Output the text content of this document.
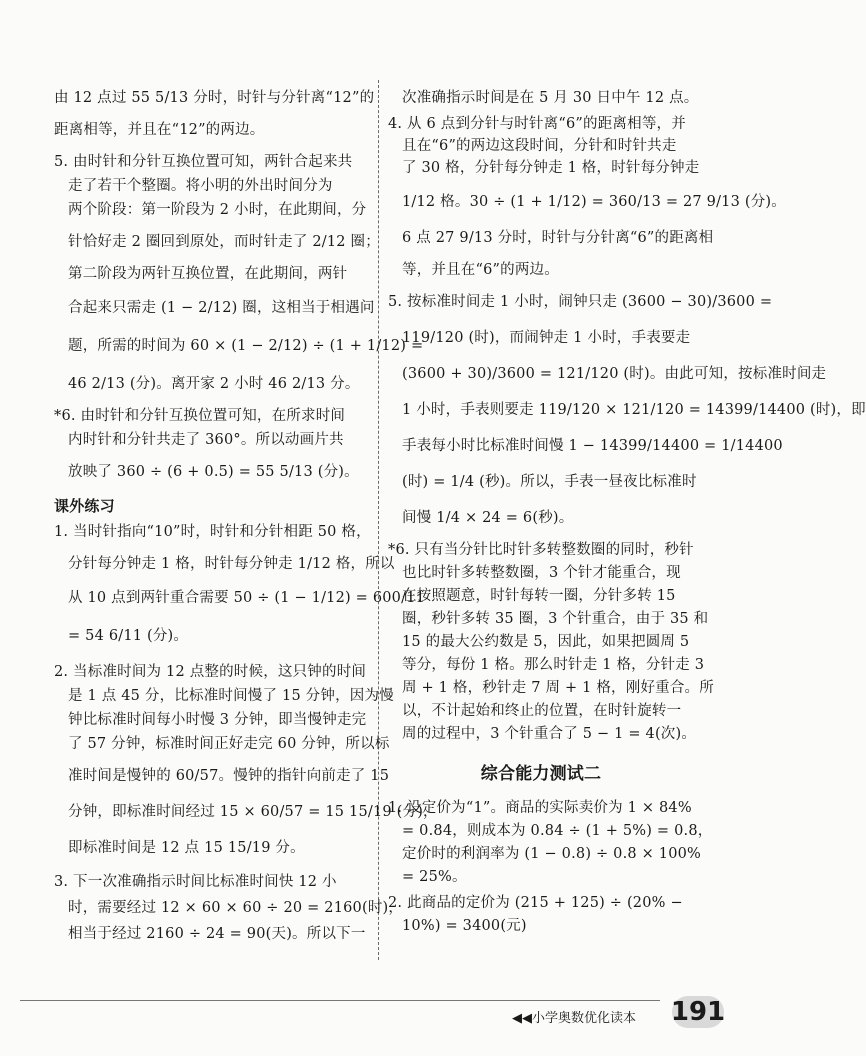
由 12 点过 55 5/13 分时，时针与分针离“12”的
距离相等，并且在“12”的两边。
5. 由时针和分针互换位置可知，两针合起来共
走了若干个整圈。将小明的外出时间分为
两个阶段：第一阶段为 2 小时，在此期间，分
针恰好走 2 圈回到原处，而时针走了 2/12 圈；
第二阶段为两针互换位置，在此期间，两针
合起来只需走 (1 − 2/12) 圈，这相当于相遇问
题，所需的时间为 60 × (1 − 2/12) ÷ (1 + 1/12) =
46 2/13 (分)。离开家 2 小时 46 2/13 分。
*6. 由时针和分针互换位置可知，在所求时间
内时针和分针共走了 360°。所以动画片共
放映了 360 ÷ (6 + 0.5) = 55 5/13 (分)。
课外练习
1. 当时针指向“10”时，时针和分针相距 50 格，
分针每分钟走 1 格，时针每分钟走 1/12 格，所以
从 10 点到两针重合需要 50 ÷ (1 − 1/12) = 600/11
= 54 6/11 (分)。
2. 当标准时间为 12 点整的时候，这只钟的时间
是 1 点 45 分，比标准时间慢了 15 分钟，因为慢
钟比标准时间每小时慢 3 分钟，即当慢钟走完
了 57 分钟，标准时间正好走完 60 分钟，所以标
准时间是慢钟的 60/57。慢钟的指针向前走了 15
分钟，即标准时间经过 15 × 60/57 = 15 15/19 (分)，
即标准时间是 12 点 15 15/19 分。
3. 下一次准确指示时间比标准时间快 12 小
时，需要经过 12 × 60 × 60 ÷ 20 = 2160(时)，
相当于经过 2160 ÷ 24 = 90(天)。所以下一
次准确指示时间是在 5 月 30 日中午 12 点。
4. 从 6 点到分针与时针离“6”的距离相等，并
且在“6”的两边这段时间，分针和时针共走
了 30 格，分针每分钟走 1 格，时针每分钟走
1/12 格。30 ÷ (1 + 1/12) = 360/13 = 27 9/13 (分)。
6 点 27 9/13 分时，时针与分针离“6”的距离相
等，并且在“6”的两边。
5. 按标准时间走 1 小时，闹钟只走 (3600 − 30)/3600 =
119/120 (时)，而闹钟走 1 小时，手表要走
(3600 + 30)/3600 = 121/120 (时)。由此可知，按标准时间走
1 小时，手表则要走 119/120 × 121/120 = 14399/14400 (时)，即
手表每小时比标准时间慢 1 − 14399/14400 = 1/14400
(时) = 1/4 (秒)。所以，手表一昼夜比标准时
间慢 1/4 × 24 = 6(秒)。
*6. 只有当分针比时针多转整数圈的同时，秒针
也比时针多转整数圈，3 个针才能重合，现
在按照题意，时针每转一圈，分针多转 15
圈，秒针多转 35 圈，3 个针重合，由于 35 和
15 的最大公约数是 5，因此，如果把圆周 5
等分，每份 1 格。那么时针走 1 格，分针走 3
周 + 1 格，秒针走 7 周 + 1 格，刚好重合。所
以，不计起始和终止的位置，在时针旋转一
周的过程中，3 个针重合了 5 − 1 = 4(次)。
综合能力测试二
1. 设定价为“1”。商品的实际卖价为 1 × 84%
= 0.84，则成本为 0.84 ÷ (1 + 5%) = 0.8，
定价时的利润率为 (1 − 0.8) ÷ 0.8 × 100%
= 25%。
2. 此商品的定价为 (215 + 125) ÷ (20% −
10%) = 3400(元)
◀◀小学奥数优化读本 191
